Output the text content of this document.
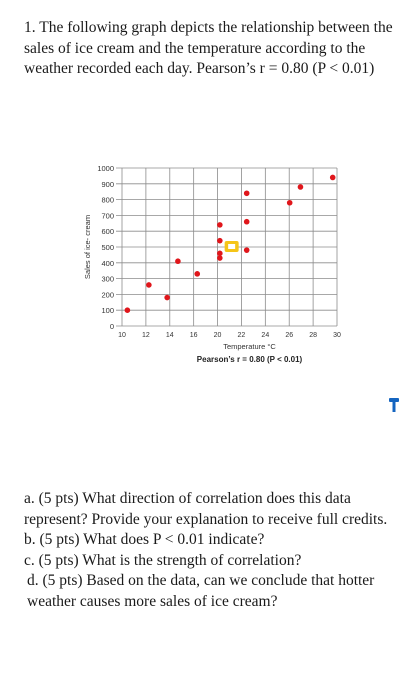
1. The following graph depicts the relationship between the sales of ice cream and the temperature according to the weather recorded each day. Pearson’s r = 0.80 (P < 0.01)

1000
900
800
700
600
500
400
300
200
100
0
10 12 14 16 20 22 24 26 28 30
Sales of ice- cream
Temperature °C
Pearson’s r = 0.80 (P < 0.01)

a. (5 pts) What direction of correlation does this data represent? Provide your explanation to receive full credits.

b. (5 pts) What does P < 0.01 indicate?

c. (5 pts) What is the strength of correlation?

d. (5 pts) Based on the data, can we conclude that hotter weather causes more sales of ice cream?
